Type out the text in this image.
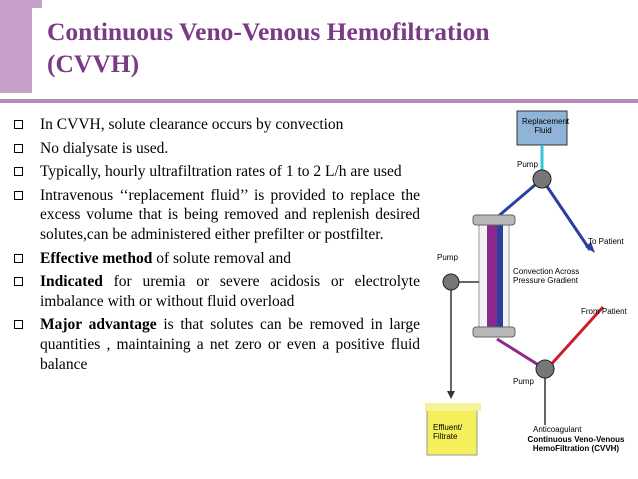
Continuous Veno-Venous Hemofiltration
(CVVH)
In CVVH, solute clearance occurs by convection
No dialysate is used.
Typically, hourly ultrafiltration rates of 1 to 2 L/h are used
Intravenous ‘‘replacement fluid’’ is provided to replace the excess volume that is being removed and replenish desired solutes,can be administered either prefilter or postfilter.
Effective method of solute removal and
Indicated for uremia or severe acidosis or electrolyte imbalance with or without fluid overload
Major advantage is that solutes can be removed in large quantities , maintaining a net zero or even a positive fluid balance
Replacement Fluid
Pump
To Patient
Pump
Convection Across Pressure Gradient
From Patient
Pump
Anticoagulant
Effluent/ Filtrate	Continuous Veno-Venous HemoFiltration (CVVH)
